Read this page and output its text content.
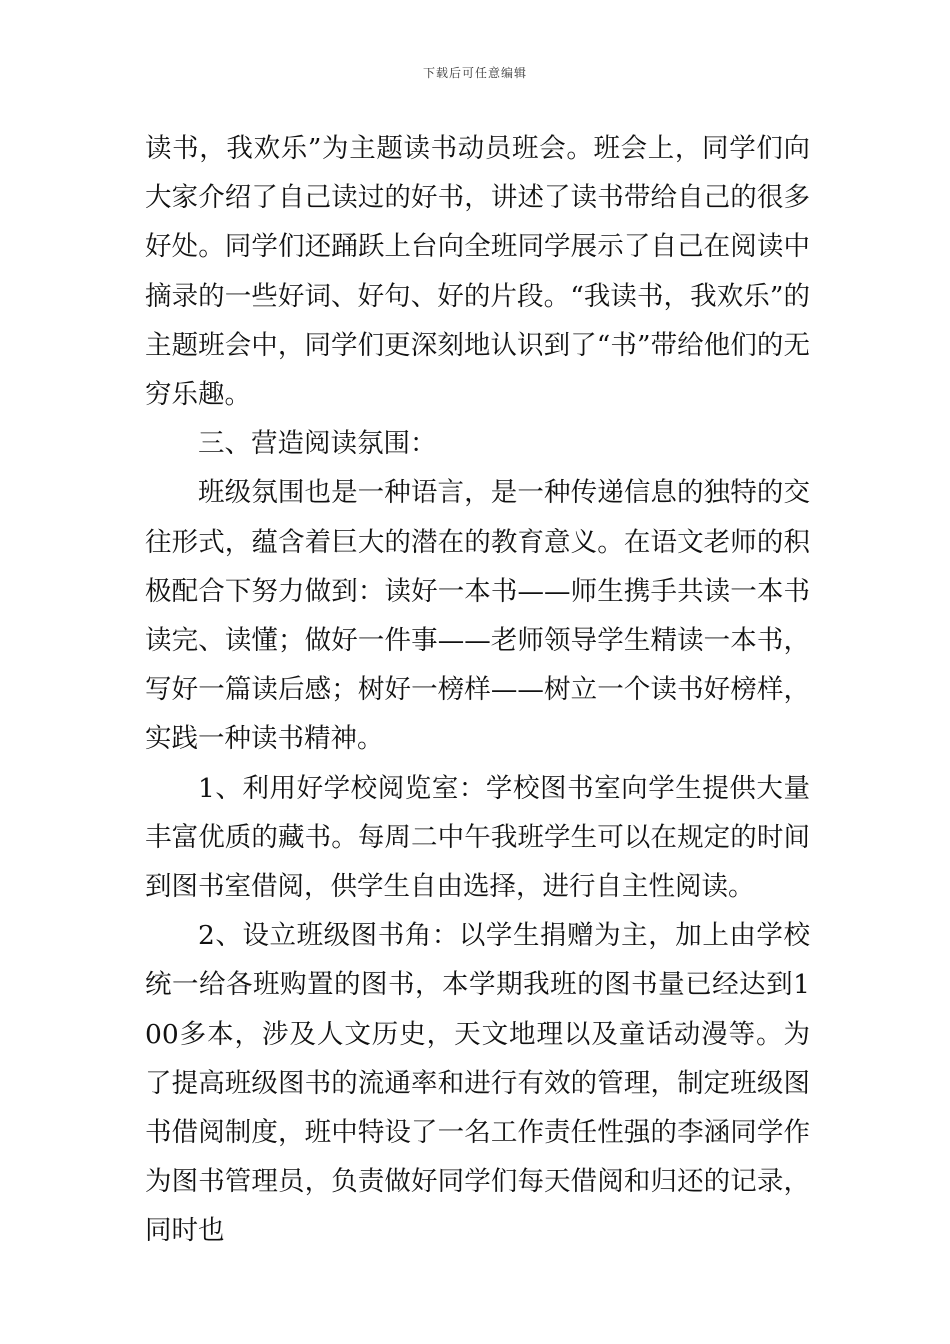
下载后可任意编辑

读书，我欢乐”为主题读书动员班会。班会上，同学们向大家介绍了自己读过的好书，讲述了读书带给自己的很多好处。同学们还踊跃上台向全班同学展示了自己在阅读中摘录的一些好词、好句、好的片段。“我读书，我欢乐”的主题班会中，同学们更深刻地认识到了“书”带给他们的无穷乐趣。

三、营造阅读氛围：

班级氛围也是一种语言，是一种传递信息的独特的交往形式，蕴含着巨大的潜在的教育意义。在语文老师的积极配合下努力做到：读好一本书——师生携手共读一本书读完、读懂；做好一件事——老师领导学生精读一本书，写好一篇读后感；树好一榜样——树立一个读书好榜样，实践一种读书精神。

1、利用好学校阅览室：学校图书室向学生提供大量丰富优质的藏书。每周二中午我班学生可以在规定的时间到图书室借阅，供学生自由选择，进行自主性阅读。

2、设立班级图书角：以学生捐赠为主，加上由学校统一给各班购置的图书，本学期我班的图书量已经达到100多本，涉及人文历史，天文地理以及童话动漫等。为了提高班级图书的流通率和进行有效的管理，制定班级图书借阅制度，班中特设了一名工作责任性强的李涵同学作为图书管理员，负责做好同学们每天借阅和归还的记录，同时也
